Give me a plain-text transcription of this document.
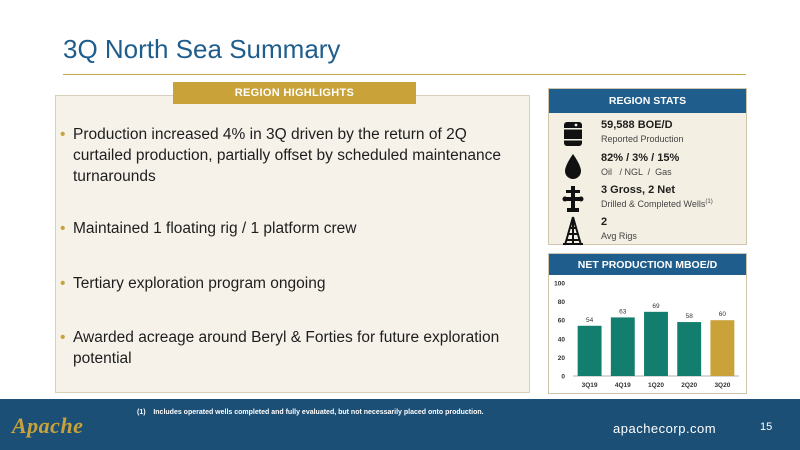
3Q North Sea Summary
REGION HIGHLIGHTS
• Production increased 4% in 3Q driven by the return of 2Q curtailed production, partially offset by scheduled maintenance turnarounds
• Maintained 1 floating rig / 1 platform crew
• Tertiary exploration program ongoing
• Awarded acreage around Beryl & Forties for future exploration potential
REGION STATS
59,588 BOE/D
Reported Production
82% / 3% / 15%
Oil   / NGL  /  Gas
3 Gross, 2 Net
Drilled & Completed Wells$^{(1)}$
2
Avg Rigs
NET PRODUCTION MBOE/D
0
20
40
60
80
100
54
3Q19
63
4Q19
69
1Q20
58
2Q20
60
3Q20
Apache
(1)    Includes operated wells completed and fully evaluated, but not necessarily placed onto production.
apachecorp.com	15
